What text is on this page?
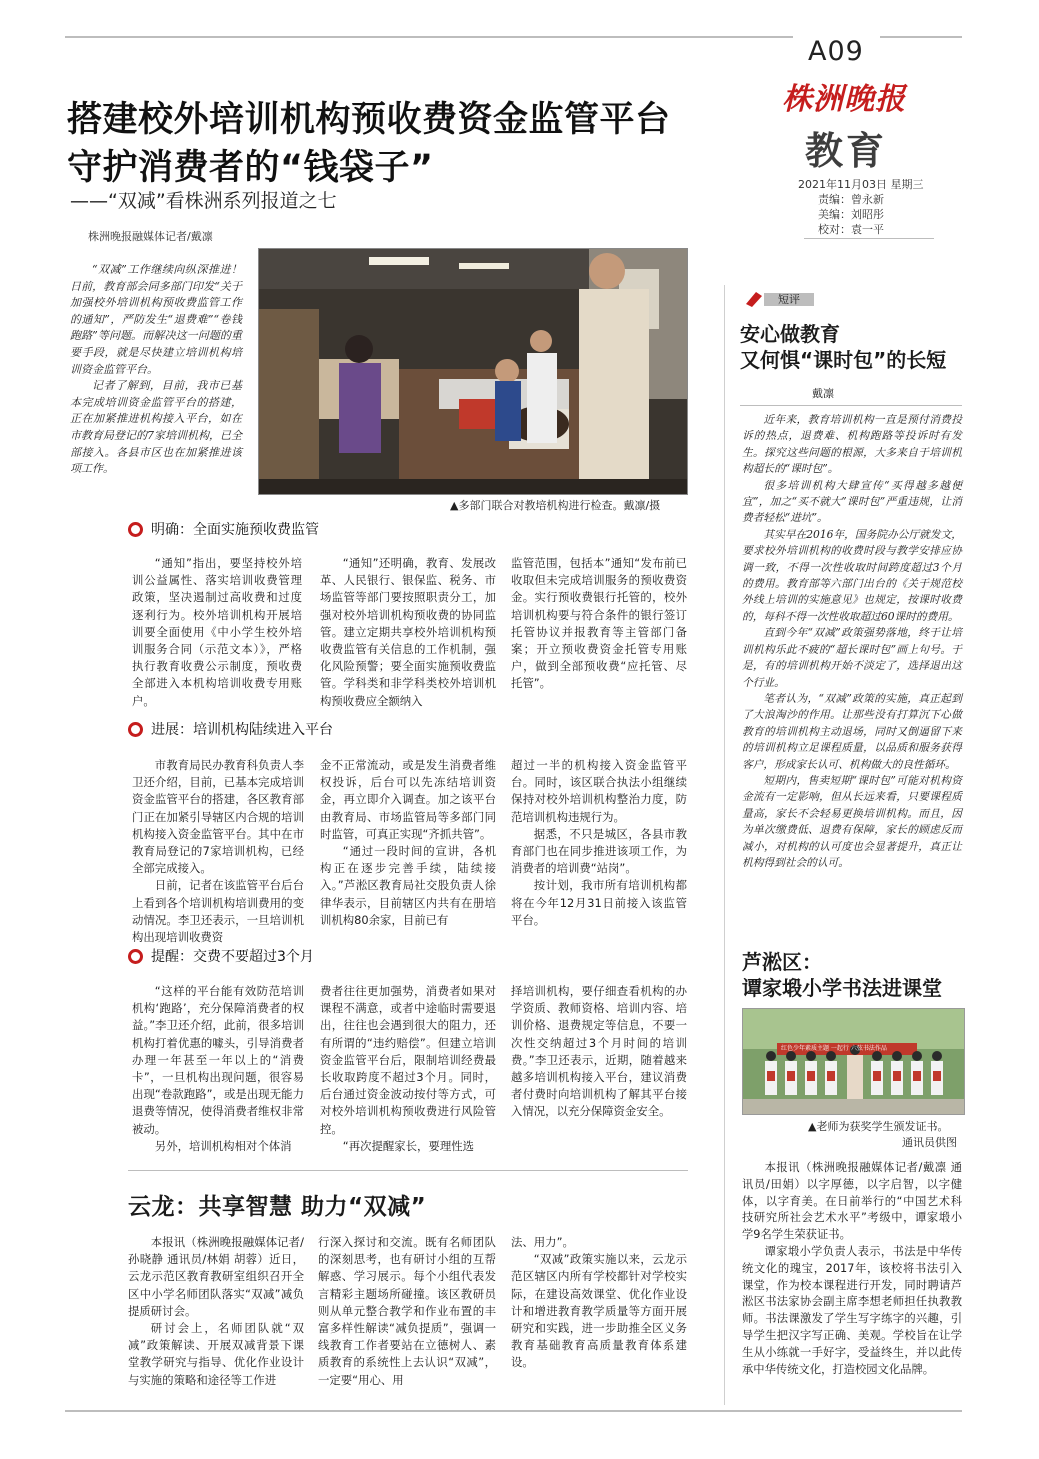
A09
株洲晚报
教育
2021年11月03日 星期三
责编：曾永新
美编：刘昭彤
校对：袁一平
搭建校外培训机构预收费资金监管平台
守护消费者的“钱袋子”
——“双减”看株洲系列报道之七
株洲晚报融媒体记者/戴凛

“双减”工作继续向纵深推进！日前，教育部会同多部门印发“关于加强校外培训机构预收费监管工作的通知”，严防发生“退费难”“卷钱跑路”等问题。而解决这一问题的重要手段，就是尽快建立培训机构培训资金监管平台。

记者了解到，目前，我市已基本完成培训资金监管平台的搭建，正在加紧推进机构接入平台，如在市教育局登记的7家培训机构，已全部接入。各县市区也在加紧推进该项工作。

▲多部门联合对教培机构进行检查。戴凛/摄
明确：全面实施预收费监管

“通知”指出，要坚持校外培训公益属性、落实培训收费管理政策，坚决遏制过高收费和过度逐利行为。校外培训机构开展培训要全面使用《中小学生校外培训服务合同（示范文本）》，严格执行教育收费公示制度，预收费全部进入本机构培训收费专用账户。

“通知”还明确，教育、发展改革、人民银行、银保监、税务、市场监管等部门要按照职责分工，加强对校外培训机构预收费的协同监管。建立定期共享校外培训机构预收费监管有关信息的工作机制，强化风险预警；要全面实施预收费监管。学科类和非学科类校外培训机构预收费应全额纳入

监管范围，包括本”通知“发布前已收取但未完成培训服务的预收费资金。实行预收费银行托管的，校外培训机构要与符合条件的银行签订托管协议并报教育等主管部门备案；开立预收费资金托管专用账户，做到全部预收费“应托管、尽托管”。

进展：培训机构陆续进入平台

市教育局民办教育科负责人李卫还介绍，目前，已基本完成培训资金监管平台的搭建，各区教育部门正在加紧引导辖区内合规的培训机构接入资金监管平台。其中在市教育局登记的7家培训机构，已经全部完成接入。

日前，记者在该监管平台后台上看到各个培训机构培训费用的变动情况。李卫还表示，一旦培训机构出现培训收费资

金不正常流动，或是发生消费者维权投诉，后台可以先冻结培训资金，再立即介入调查。加之该平台由教育局、市场监管局等多部门同时监管，可真正实现“齐抓共管”。

“通过一段时间的宣讲，各机构正在逐步完善手续，陆续接入。”芦淞区教育局社交股负责人徐律华表示，目前辖区内共有在册培训机构80余家，目前已有

超过一半的机构接入资金监管平台。同时，该区联合执法小组继续保持对校外培训机构整治力度，防范培训机构违规行为。

据悉，不只是城区，各县市教育部门也在同步推进该项工作，为消费者的培训费“站岗”。

按计划，我市所有培训机构都将在今年12月31日前接入该监管平台。

提醒：交费不要超过3个月

“这样的平台能有效防范培训机构‘跑路’，充分保障消费者的权益。”李卫还介绍，此前，很多培训机构打着优惠的噱头，引导消费者办理一年甚至一年以上的“消费卡”，一旦机构出现问题，很容易出现“卷款跑路”，或是出现无能力退费等情况，使得消费者维权非常被动。

另外，培训机构相对个体消

费者往往更加强势，消费者如果对课程不满意，或者中途临时需要退出，往往也会遇到很大的阻力，还有所谓的“违约赔偿”。但建立培训资金监管平台后，限制培训经费最长收取跨度不超过3个月。同时，后台通过资金波动按付等方式，可对校外培训机构预收费进行风险管控。

“再次提醒家长，要理性选

择培训机构，要仔细查看机构的办学资质、教师资格、培训内容、培训价格、退费规定等信息，不要一次性交纳超过3个月时间的培训费。”李卫还表示，近期，随着越来越多培训机构接入平台，建议消费者付费时向培训机构了解其平台接入情况，以充分保障资金安全。

短评
安心做教育
又何惧“课时包”的长短
戴凛

近年来，教育培训机构一直是预付消费投诉的热点，退费难、机构跑路等投诉时有发生。探究这些问题的根源，大多来自于培训机构超长的“课时包”。

很多培训机构大肆宣传“买得越多越便宜”，加之“买不就大”课时包”严重违规，让消费者轻松“进坑”。

其实早在2016年，国务院办公厅就发文，要求校外培训机构的收费时段与教学安排应协调一致，不得一次性收取时间跨度超过3个月的费用。教育部等六部门出台的《关于规范校外线上培训的实施意见》也规定，按课时收费的，每科不得一次性收取超过60课时的费用。

直到今年“双减”政策强势落地，终于让培训机构乐此不疲的“超长课时包”画上句号。于是，有的培训机构开始不淡定了，选择退出这个行业。

笔者认为，“双减”政策的实施，真正起到了大浪淘沙的作用。让那些没有打算沉下心做教育的培训机构主动退场，同时又倒逼留下来的培训机构立足课程质量，以品质和服务获得客户，形成家长认可、机构做大的良性循环。

短期内，售卖短期“课时包”可能对机构资金流有一定影响，但从长远来看，只要课程质量高，家长不会轻易更换培训机构。而且，因为单次缴费低、退费有保障，家长的顾虑反而减小，对机构的认可度也会显著提升，真正让机构得到社会的认可。

芦淞区：
谭家塅小学书法进课堂
红色少年素质主题 一起行 六弦书法作品
▲老师为获奖学生颁发证书。
通讯员供图

本报讯（株洲晚报融媒体记者/戴凛 通讯员/田娟）以字厚德，以字启智，以字健体，以字育美。在日前举行的“中国艺术科技研究所社会艺术水平”考级中，谭家塅小学9名学生荣获证书。

谭家塅小学负责人表示，书法是中华传统文化的瑰宝，2017年，该校将书法引入课堂，作为校本课程进行开发，同时聘请芦淞区书法家协会副主席李想老师担任执教教师。书法课激发了学生写字练字的兴趣，引导学生把汉字写正确、美观。学校旨在让学生从小练就一手好字，受益终生，并以此传承中华传统文化，打造校园文化品牌。

云龙：共享智慧 助力“双减”

本报讯（株洲晚报融媒体记者/孙晓静 通讯员/林娟 胡蓉）近日，云龙示范区教育教研室组织召开全区中小学名师团队落实“双减”减负提质研讨会。

研讨会上，名师团队就“双减”政策解读、开展双减背景下课堂教学研究与指导、优化作业设计与实施的策略和途径等工作进

行深入探讨和交流。既有名师团队的深刻思考，也有研讨小组的互帮解惑、学习展示。每个小组代表发言精彩主题场所碰撞。该区教研员则从单元整合教学和作业布置的丰富多样性解读“减负提质”，强调一线教育工作者要站在立德树人、素质教育的系统性上去认识“双减”，一定要“用心、用

法、用力”。

“双减”政策实施以来，云龙示范区辖区内所有学校都针对学校实际，在建设高效课堂、优化作业设计和增进教育教学质量等方面开展研究和实践，进一步助推全区义务教育基础教育高质量教育体系建设。
